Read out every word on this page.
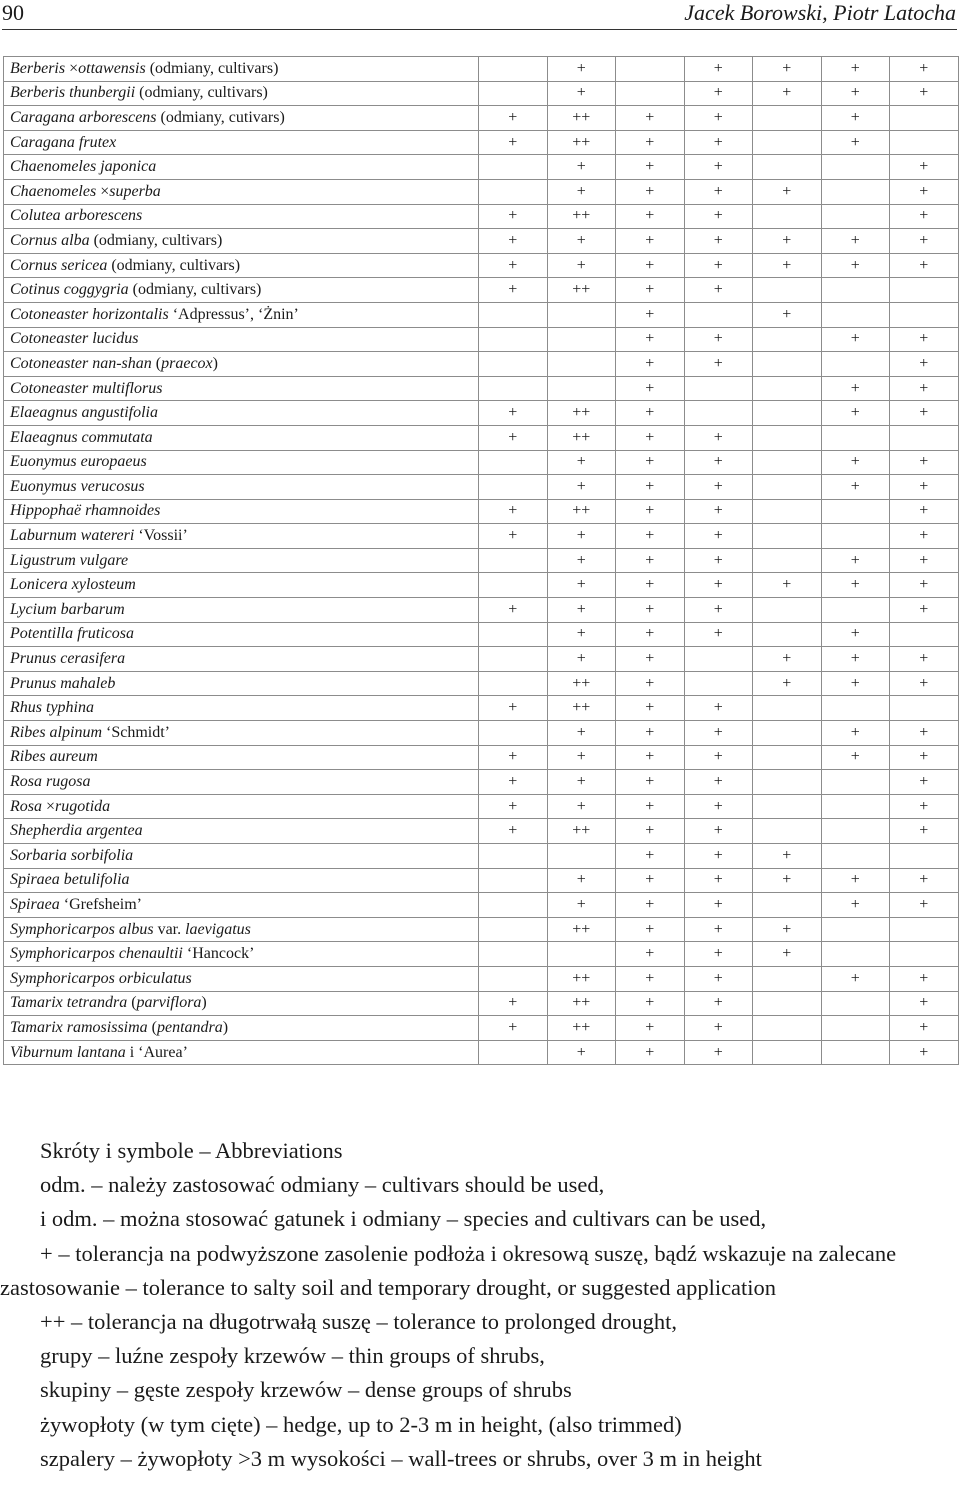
90	Jacek Borowski, Piotr Latocha
Berberis ×ottawensis (odmiany, cultivars)		+		+	+	+	+
Berberis thunbergii (odmiany, cultivars)		+		+	+	+	+
Caragana arborescens (odmiany, cutivars)	+	++	+	+		+	
Caragana frutex	+	++	+	+		+	
Chaenomeles japonica		+	+	+			+
Chaenomeles ×superba		+	+	+	+		+
Colutea arborescens	+	++	+	+			+
Cornus alba (odmiany, cultivars)	+	+	+	+	+	+	+
Cornus sericea (odmiany, cultivars)	+	+	+	+	+	+	+
Cotinus coggygria (odmiany, cultivars)	+	++	+	+			
Cotoneaster horizontalis ‘Adpressus’, ‘Żnin’			+		+		
Cotoneaster lucidus			+	+		+	+
Cotoneaster nan-shan (praecox)			+	+			+
Cotoneaster multiflorus			+			+	+
Elaeagnus angustifolia	+	++	+			+	+
Elaeagnus commutata	+	++	+	+			
Euonymus europaeus		+	+	+		+	+
Euonymus verucosus		+	+	+		+	+
Hippophaë rhamnoides	+	++	+	+			+
Laburnum watereri ‘Vossii’	+	+	+	+			+
Ligustrum vulgare		+	+	+		+	+
Lonicera xylosteum		+	+	+	+	+	+
Lycium barbarum	+	+	+	+			+
Potentilla fruticosa		+	+	+		+	
Prunus cerasifera		+	+		+	+	+
Prunus mahaleb		++	+		+	+	+
Rhus typhina	+	++	+	+			
Ribes alpinum ‘Schmidt’		+	+	+		+	+
Ribes aureum	+	+	+	+		+	+
Rosa rugosa	+	+	+	+			+
Rosa ×rugotida	+	+	+	+			+
Shepherdia argentea	+	++	+	+			+
Sorbaria sorbifolia			+	+	+		
Spiraea betulifolia		+	+	+	+	+	+
Spiraea ‘Grefsheim’		+	+	+		+	+
Symphoricarpos albus var. laevigatus		++	+	+	+		
Symphoricarpos chenaultii ‘Hancock’			+	+	+		
Symphoricarpos orbiculatus		++	+	+		+	+
Tamarix tetrandra (parviflora)	+	++	+	+			+
Tamarix ramosissima (pentandra)	+	++	+	+			+
Viburnum lantana i ‘Aurea’		+	+	+			+

Skróty i symbole – Abbreviations

odm. – należy zastosować odmiany – cultivars should be used,

i odm. – można stosować gatunek i odmiany – species and cultivars can be used,

+ – tolerancja na podwyższone zasolenie podłoża i okresową suszę, bądź wskazuje na zalecane zastosowanie – tolerance to salty soil and temporary drought, or suggested application

++ – tolerancja na długotrwałą suszę – tolerance to prolonged drought,

grupy – luźne zespoły krzewów – thin groups of shrubs,

skupiny – gęste zespoły krzewów – dense groups of shrubs

żywopłoty (w tym cięte) – hedge, up to 2-3 m in height, (also trimmed)

szpalery – żywopłoty >3 m wysokości – wall-trees or shrubs, over 3 m in height
